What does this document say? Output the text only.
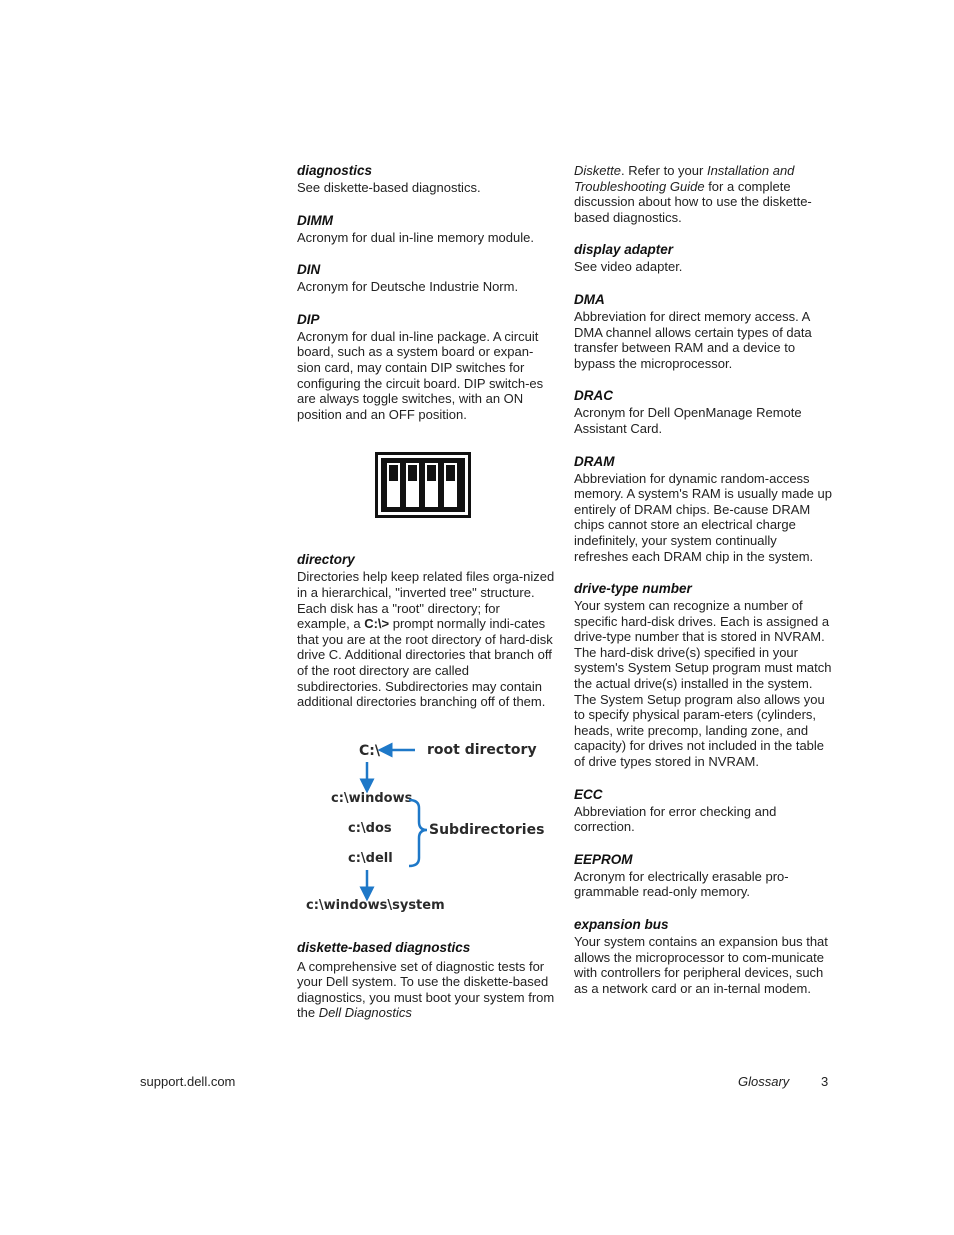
diagnostics

See diskette-based diagnostics.

DIMM

Acronym for dual in-line memory module.

DIN

Acronym for Deutsche Industrie Norm.

DIP

Acronym for dual in-line package. A circuit board, such as a system board or expan-sion card, may contain DIP switches for configuring the circuit board. DIP switch-es are always toggle switches, with an ON position and an OFF position.

directory

Directories help keep related files orga-nized in a hierarchical, "inverted tree" structure. Each disk has a "root" directory; for example, a C:\> prompt normally indi-cates that you are at the root directory of hard-disk drive C. Additional directories that branch off of the root directory are called subdirectories. Subdirectories may contain additional directories branching off of them.

C:\	root directory
c:\windows
c:\dos
c:\dell
Subdirectories
c:\windows\system

diskette-based diagnostics

A comprehensive set of diagnostic tests for your Dell system. To use the diskette-based diagnostics, you must boot your system from the Dell Diagnostics

Diskette. Refer to your Installation and Troubleshooting Guide for a complete discussion about how to use the diskette-based diagnostics.

display adapter

See video adapter.

DMA

Abbreviation for direct memory access. A DMA channel allows certain types of data transfer between RAM and a device to bypass the microprocessor.

DRAC

Acronym for Dell OpenManage Remote Assistant Card.

DRAM

Abbreviation for dynamic random-access memory. A system's RAM is usually made up entirely of DRAM chips. Be-cause DRAM chips cannot store an electrical charge indefinitely, your system continually refreshes each DRAM chip in the system.

drive-type number

Your system can recognize a number of specific hard-disk drives. Each is assigned a drive-type number that is stored in NVRAM. The hard-disk drive(s) specified in your system's System Setup program must match the actual drive(s) installed in the system. The System Setup program also allows you to specify physical param-eters (cylinders, heads, write precomp, landing zone, and capacity) for drives not included in the table of drive types stored in NVRAM.

ECC

Abbreviation for error checking and correction.

EEPROM

Acronym for electrically erasable pro-grammable read-only memory.

expansion bus

Your system contains an expansion bus that allows the microprocessor to com-municate with controllers for peripheral devices, such as a network card or an in-ternal modem.

support.dell.com	Glossary 3
